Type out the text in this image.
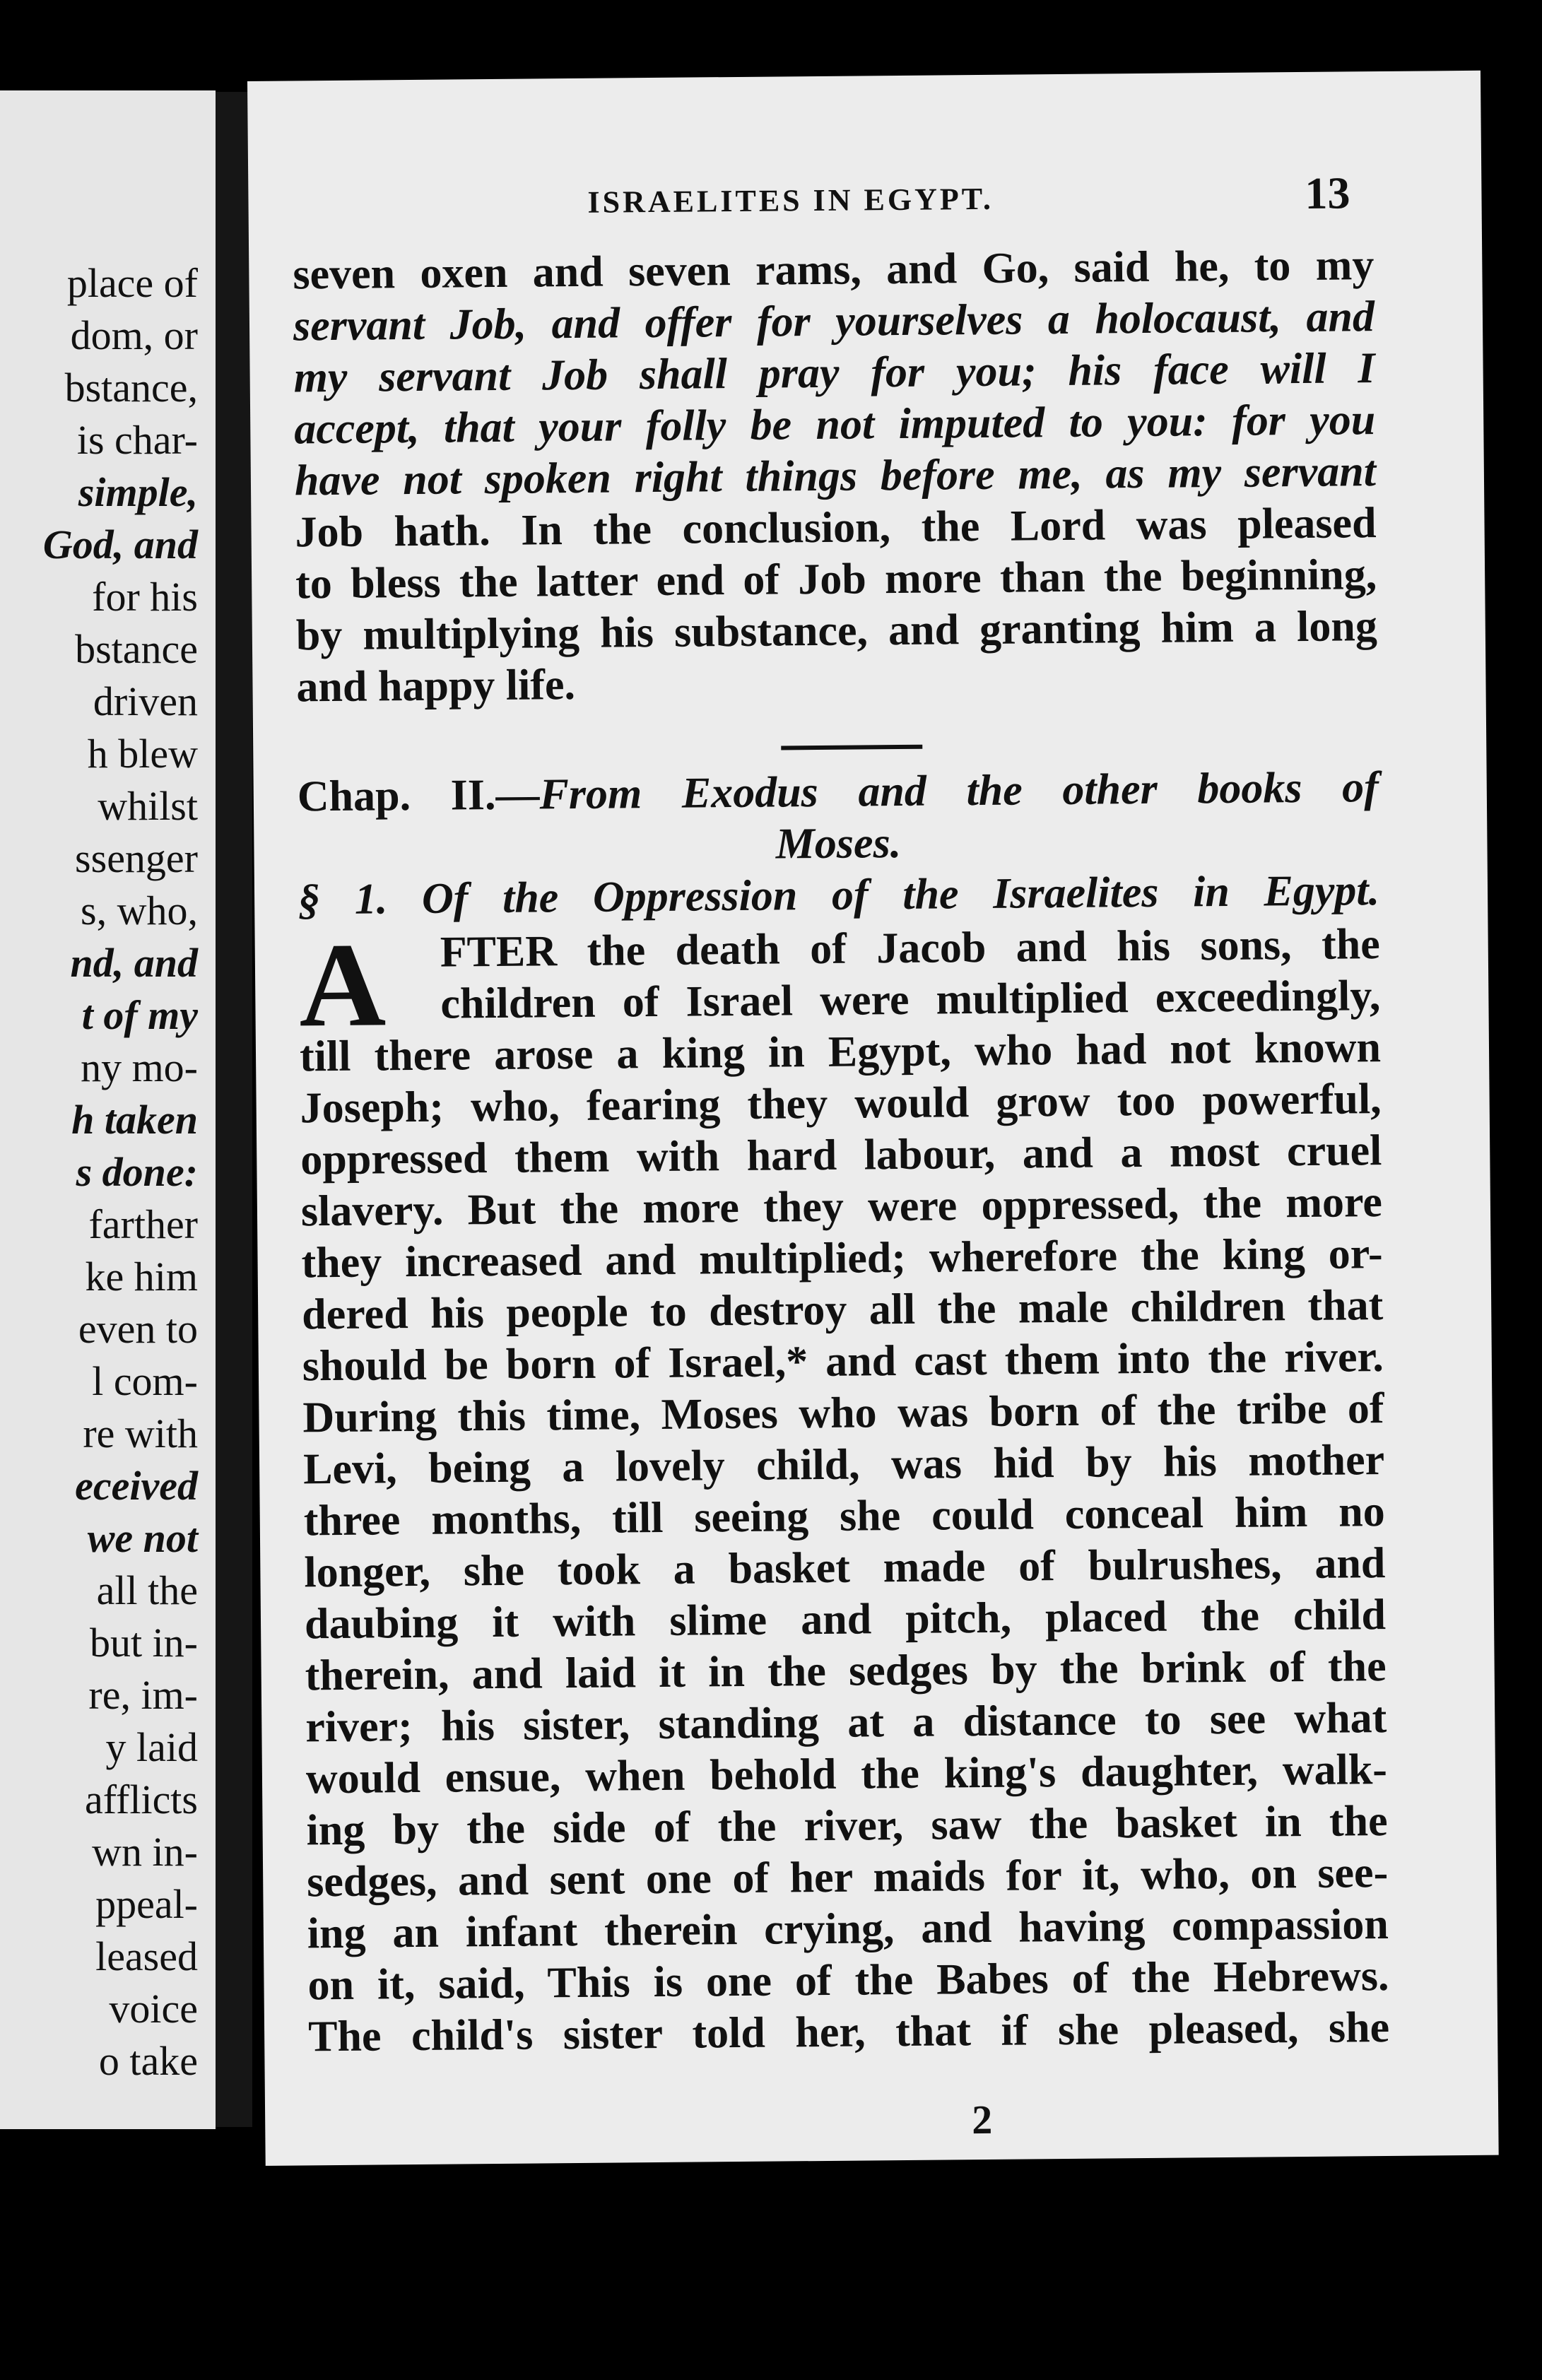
place of
dom, or
bstance,
is char-
simple,
God, and
for his
bstance
driven
h blew
whilst
ssenger
s, who,
nd, and
t of my
ny mo-
h taken
s done:
farther
ke him
even to
l com-
re with
eceived
we not
all the
but in-
re, im-
y laid
afflicts
wn in-
ppeal-
leased
voice
o take
ISRAELITES IN EGYPT.	13
seven oxen and seven rams, and Go, said he, to my
servant Job, and offer for yourselves a holocaust, and
my servant Job shall pray for you; his face will I
accept, that your folly be not imputed to you: for you
have not spoken right things before me, as my servant
Job hath. In the conclusion, the Lord was pleased
to bless the latter end of Job more than the beginning,
by multiplying his substance, and granting him a long
and happy life.
Chap. II.—From Exodus and the other books of
Moses.
§ 1. Of the Oppression of the Israelites in Egypt.
A	FTER the death of Jacob and his sons, the
children of Israel were multiplied exceedingly,
till there arose a king in Egypt, who had not known
Joseph; who, fearing they would grow too powerful,
oppressed them with hard labour, and a most cruel
slavery. But the more they were oppressed, the more
they increased and multiplied; wherefore the king or-
dered his people to destroy all the male children that
should be born of Israel,* and cast them into the river.
During this time, Moses who was born of the tribe of
Levi, being a lovely child, was hid by his mother
three months, till seeing she could conceal him no
longer, she took a basket made of bulrushes, and
daubing it with slime and pitch, placed the child
therein, and laid it in the sedges by the brink of the
river; his sister, standing at a distance to see what
would ensue, when behold the king's daughter, walk-
ing by the side of the river, saw the basket in the
sedges, and sent one of her maids for it, who, on see-
ing an infant therein crying, and having compassion
on it, said, This is one of the Babes of the Hebrews.
The child's sister told her, that if she pleased, she
2
